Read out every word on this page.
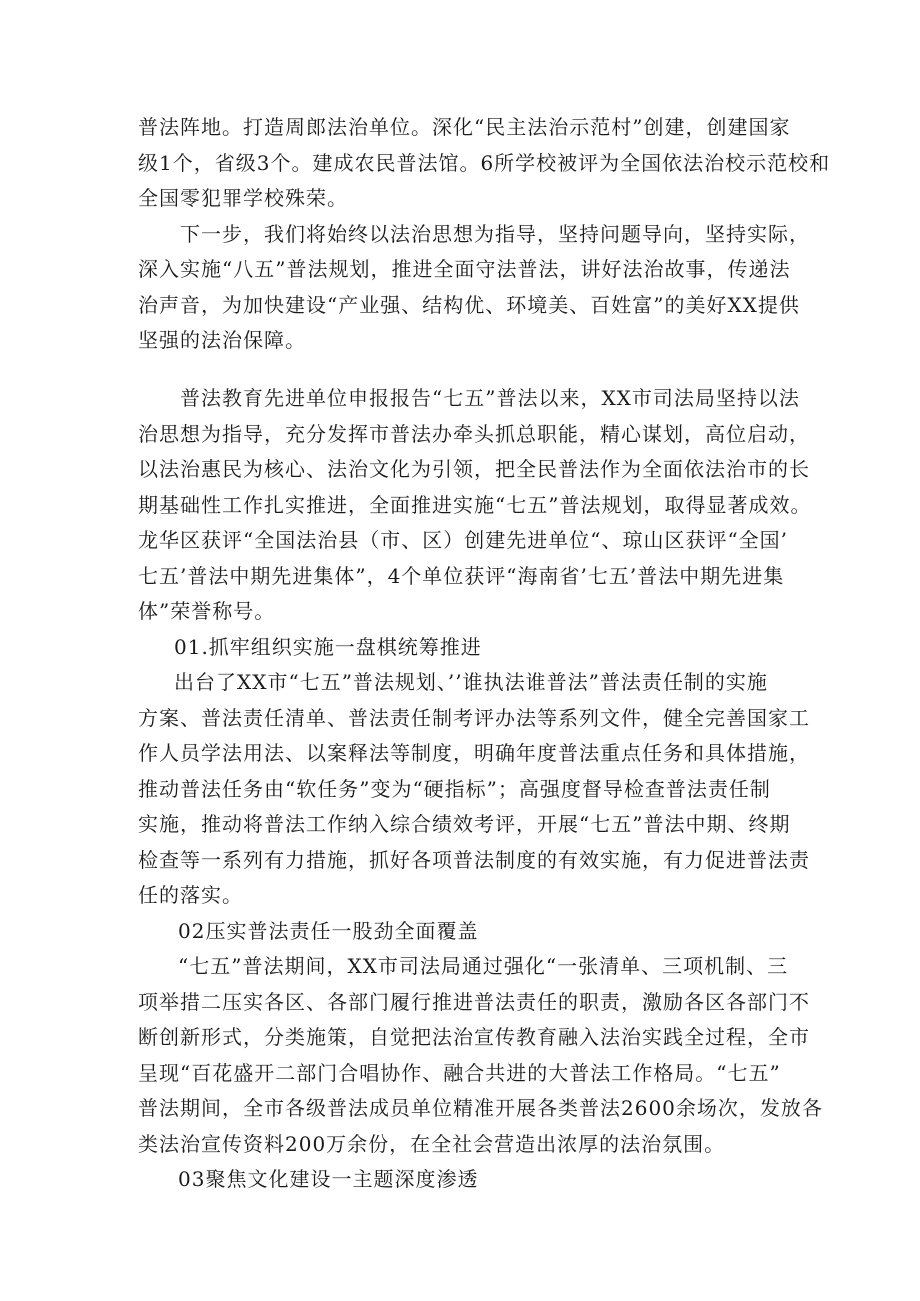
普法阵地。打造周郎法治单位。深化“民主法治示范村”创建，创建国家
级1个，省级3个。建成农民普法馆。6所学校被评为全国依法治校示范校和
全国零犯罪学校殊荣。
下一步，我们将始终以法治思想为指导，坚持问题导向，坚持实际，
深入实施“八五”普法规划，推进全面守法普法，讲好法治故事，传递法
治声音，为加快建设“产业强、结构优、环境美、百姓富”的美好XX提供
坚强的法治保障。
普法教育先进单位申报报告“七五”普法以来，XX市司法局坚持以法
治思想为指导，充分发挥市普法办牵头抓总职能，精心谋划，高位启动，
以法治惠民为核心、法治文化为引领，把全民普法作为全面依法治市的长
期基础性工作扎实推进，全面推进实施“七五”普法规划，取得显著成效。
龙华区获评“全国法治县（市、区）创建先进单位“、琼山区获评“全国’
七五’普法中期先进集体”，4个单位获评“海南省’七五’普法中期先进集
体”荣誉称号。
01.抓牢组织实施一盘棋统筹推进
出台了XX市“七五”普法规划、’’谁执法谁普法”普法责任制的实施
方案、普法责任清单、普法责任制考评办法等系列文件，健全完善国家工
作人员学法用法、以案释法等制度，明确年度普法重点任务和具体措施，
推动普法任务由“软任务”变为“硬指标”；高强度督导检查普法责任制
实施，推动将普法工作纳入综合绩效考评，开展“七五”普法中期、终期
检查等一系列有力措施，抓好各项普法制度的有效实施，有力促进普法责
任的落实。
02压实普法责任一股劲全面覆盖
“七五”普法期间，XX市司法局通过强化“一张清单、三项机制、三
项举措二压实各区、各部门履行推进普法责任的职责，激励各区各部门不
断创新形式，分类施策，自觉把法治宣传教育融入法治实践全过程，全市
呈现“百花盛开二部门合唱协作、融合共进的大普法工作格局。“七五”
普法期间，全市各级普法成员单位精准开展各类普法2600余场次，发放各
类法治宣传资料200万余份，在全社会营造出浓厚的法治氛围。
03聚焦文化建设一主题深度渗透
